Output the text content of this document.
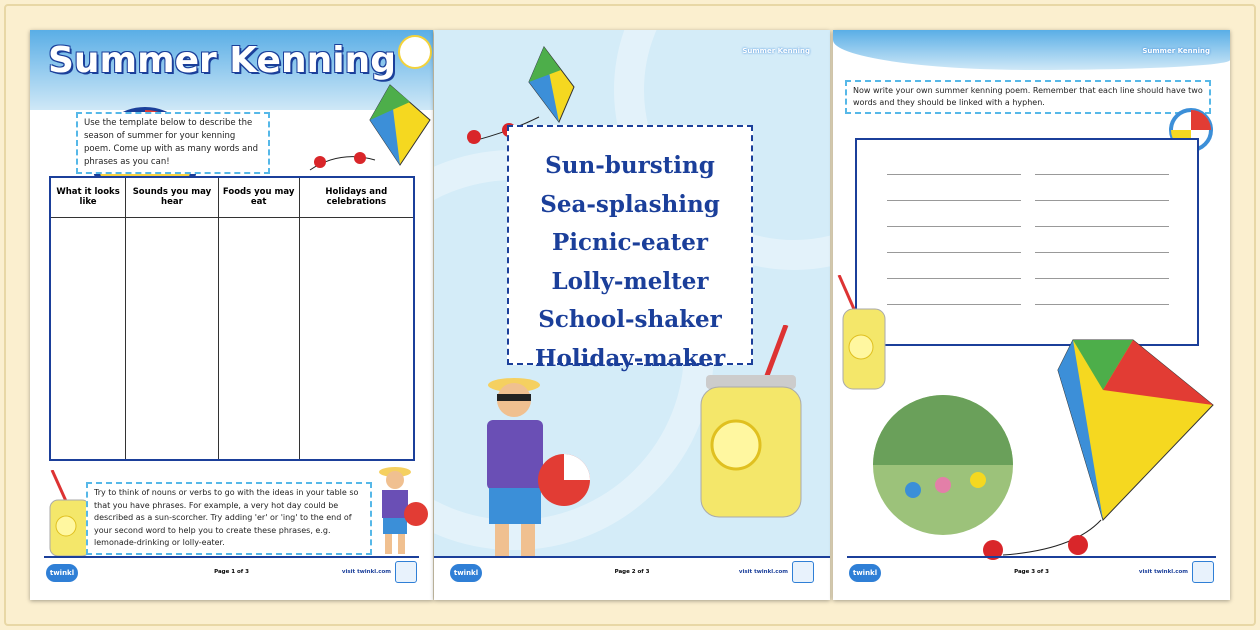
Summer Kenning
Use the template below to describe the season of summer for your kenning poem. Come up with as many words and phrases as you can!
What it looks like	Sounds you may hear	Foods you may eat	Holidays and celebrations

Try to think of nouns or verbs to go with the ideas in your table so that you have phrases. For example, a very hot day could be described as a sun-scorcher. Try adding 'er' or 'ing' to the end of your second word to help you to create these phrases, e.g. lemonade-drinking or lolly-eater.
twinkl	Page 1 of 3	visit twinkl.com
Summer Kenning
Sun-bursting
Sea-splashing
Picnic-eater
Lolly-melter
School-shaker
Holiday-maker
twinkl	Page 2 of 3	visit twinkl.com
Summer Kenning
Now write your own summer kenning poem. Remember that each line should have two words and they should be linked with a hyphen.
twinkl	Page 3 of 3	visit twinkl.com
